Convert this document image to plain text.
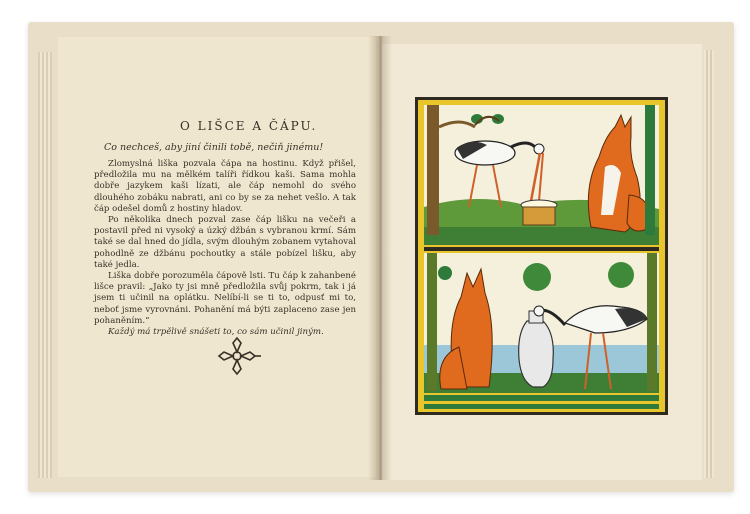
O LIŠCE A ČÁPU.
Co nechceš, aby jiní činili tobě, nečiň jinému!

Zlomyslná liška pozvala čápa na hostinu. Když přišel, předložila mu na mělkém talíři řídkou kaši. Sama mohla dobře jazykem kaši lízati, ale čáp nemohl do svého dlouhého zobáku nabrati, ani co by se za nehet vešlo. A tak čáp odešel domů z hostiny hladov.

Po několika dnech pozval zase čáp lišku na večeři a postavil před ni vysoký a úzký džbán s vybranou krmí. Sám také se dal hned do jídla, svým dlouhým zobanem vytahoval pohodlně ze džbánu pochoutky a stále pobízel lišku, aby také jedla.

Liška dobře porozuměla čápově lsti. Tu čáp k zahanbené lišce pravil: „Jako ty jsi mně předložila svůj pokrm, tak i já jsem ti učinil na oplátku. Nelíbí-li se ti to, odpusť mi to, neboť jsme vyrovnáni. Pohanění má býti zaplaceno zase jen pohaněním.“

Každý má trpělivě snášeti to, co sám učinil jiným.
